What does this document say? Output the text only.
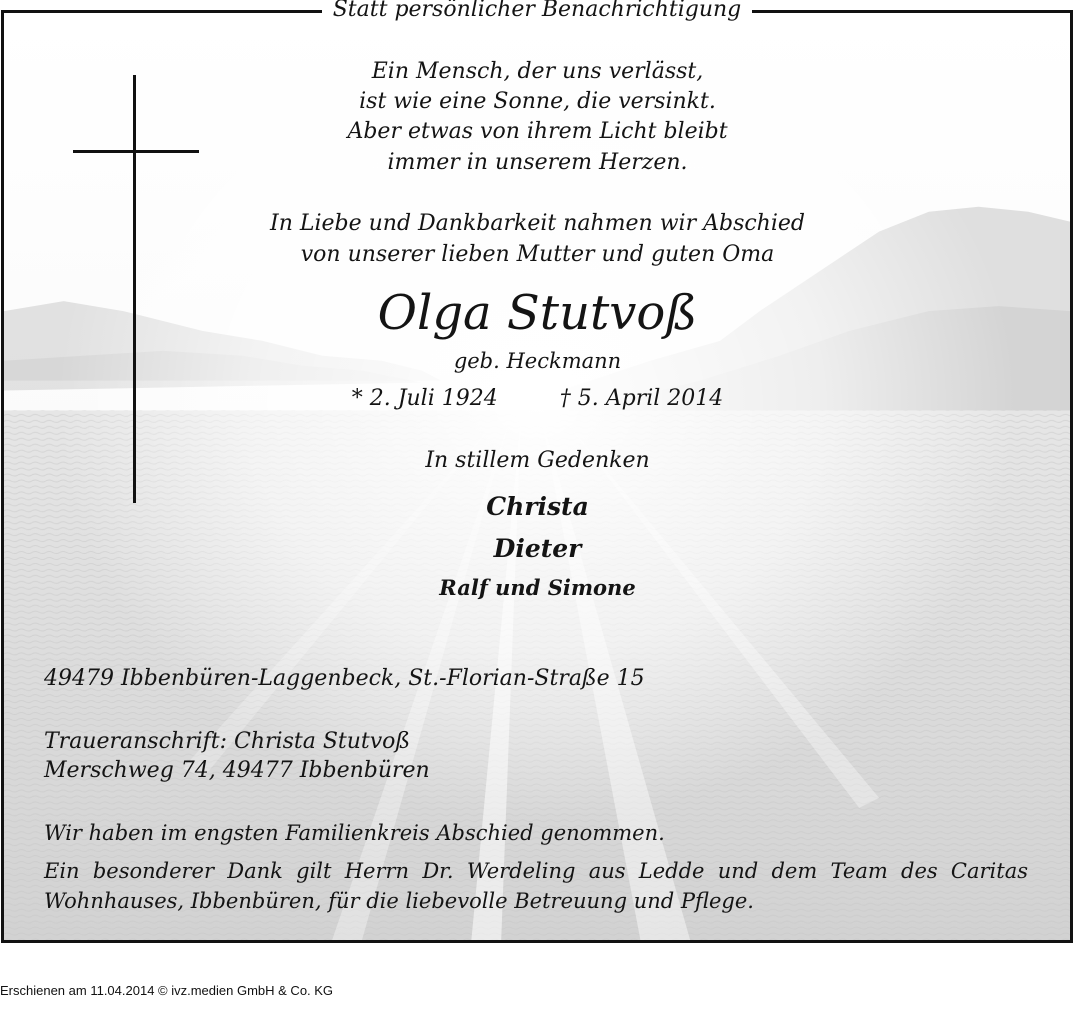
Statt persönlicher Benachrichtigung
Ein Mensch, der uns verlässt,
ist wie eine Sonne, die versinkt.
Aber etwas von ihrem Licht bleibt
immer in unserem Herzen.
In Liebe und Dankbarkeit nahmen wir Abschied
von unserer lieben Mutter und guten Oma
Olga Stutvoß
geb. Heckmann
* 2. Juli 1924	† 5. April 2014
In stillem Gedenken
Christa
Dieter
Ralf und Simone
49479 Ibbenbüren-Laggenbeck, St.-Florian-Straße 15
Traueranschrift: Christa Stutvoß
Merschweg 74, 49477 Ibbenbüren
Wir haben im engsten Familienkreis Abschied genommen.
Ein besonderer Dank gilt Herrn Dr. Werdeling aus Ledde und dem Team des Caritas
Wohnhauses, Ibbenbüren, für die liebevolle Betreuung und Pflege.
Erschienen am 11.04.2014 © ivz.medien GmbH & Co. KG
